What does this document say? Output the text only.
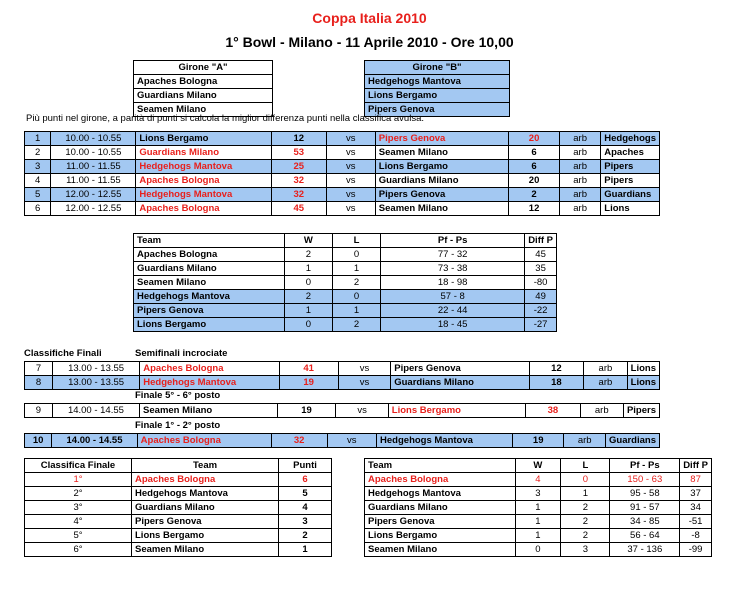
Coppa Italia 2010
1° Bowl - Milano - 11 Aprile 2010 - Ore 10,00
Girone "A"
Apaches Bologna
Guardians Milano
Seamen Milano
Girone "B"
Hedgehogs Mantova
Lions Bergamo
Pipers Genova
Più punti nel girone, a parità di punti si calcola la miglior differenza punti nella classifica avulsa.
1	10.00 - 10.55	Lions Bergamo	12	vs	Pipers Genova	20	arb	Hedgehogs
2	10.00 - 10.55	Guardians Milano	53	vs	Seamen Milano	6	arb	Apaches
3	11.00 - 11.55	Hedgehogs Mantova	25	vs	Lions Bergamo	6	arb	Pipers
4	11.00 - 11.55	Apaches Bologna	32	vs	Guardians Milano	20	arb	Pipers
5	12.00 - 12.55	Hedgehogs Mantova	32	vs	Pipers Genova	2	arb	Guardians
6	12.00 - 12.55	Apaches Bologna	45	vs	Seamen Milano	12	arb	Lions
Team	W	L	Pf - Ps	Diff P
Apaches Bologna	2	0	77 - 32	45
Guardians Milano	1	1	73 - 38	35
Seamen Milano	0	2	18 - 98	-80
Hedgehogs Mantova	2	0	57 - 8	49
Pipers Genova	1	1	22 - 44	-22
Lions Bergamo	0	2	18 - 45	-27
Classifiche Finali	Semifinali incrociate
7	13.00 - 13.55	Apaches Bologna	41	vs	Pipers Genova	12	arb	Lions
8	13.00 - 13.55	Hedgehogs Mantova	19	vs	Guardians Milano	18	arb	Lions
Finale 5° - 6° posto
9	14.00 - 14.55	Seamen Milano	19	vs	Lions Bergamo	38	arb	Pipers
Finale 1° - 2° posto
10	14.00 - 14.55	Apaches Bologna	32	vs	Hedgehogs Mantova	19	arb	Guardians
Classifica Finale	Team	Punti
1°	Apaches Bologna	6
2°	Hedgehogs Mantova	5
3°	Guardians Milano	4
4°	Pipers Genova	3
5°	Lions Bergamo	2
6°	Seamen Milano	1
Team	W	L	Pf - Ps	Diff P
Apaches Bologna	4	0	150 - 63	87
Hedgehogs Mantova	3	1	95 - 58	37
Guardians Milano	1	2	91 - 57	34
Pipers Genova	1	2	34 - 85	-51
Lions Bergamo	1	2	56 - 64	-8
Seamen Milano	0	3	37 - 136	-99
